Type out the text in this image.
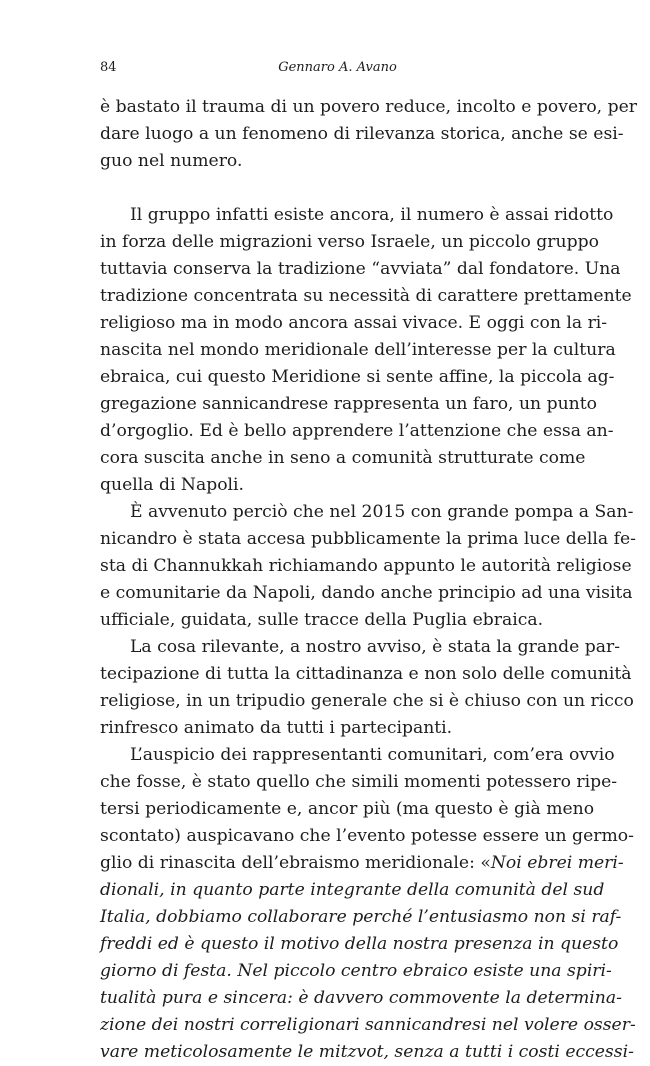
84	Gennaro A. Avano
è bastato il trauma di un povero reduce, incolto e povero, per
dare luogo a un fenomeno di rilevanza storica, anche se esi-
guo nel numero.
Il gruppo infatti esiste ancora, il numero è assai ridotto
in forza delle migrazioni verso Israele, un piccolo gruppo
tuttavia conserva la tradizione “avviata” dal fondatore. Una
tradizione concentrata su necessità di carattere prettamente
religioso ma in modo ancora assai vivace. E oggi con la ri-
nascita nel mondo meridionale dell’interesse per la cultura
ebraica, cui questo Meridione si sente affine, la piccola ag-
gregazione sannicandrese rappresenta un faro, un punto
d’orgoglio. Ed è bello apprendere l’attenzione che essa an-
cora suscita anche in seno a comunità strutturate come
quella di Napoli.
È avvenuto perciò che nel 2015 con grande pompa a San-
nicandro è stata accesa pubblicamente la prima luce della fe-
sta di Channukkah richiamando appunto le autorità religiose
e comunitarie da Napoli, dando anche principio ad una visita
ufficiale, guidata, sulle tracce della Puglia ebraica.
La cosa rilevante, a nostro avviso, è stata la grande par-
tecipazione di tutta la cittadinanza e non solo delle comunità
religiose, in un tripudio generale che si è chiuso con un ricco
rinfresco animato da tutti i partecipanti.
L’auspicio dei rappresentanti comunitari, com’era ovvio
che fosse, è stato quello che simili momenti potessero ripe-
tersi periodicamente e, ancor più (ma questo è già meno
scontato) auspicavano che l’evento potesse essere un germo-
glio di rinascita dell’ebraismo meridionale: «Noi ebrei meri-
dionali, in quanto parte integrante della comunità del sud
Italia, dobbiamo collaborare perché l’entusiasmo non si raf-
freddi ed è questo il motivo della nostra presenza in questo
giorno di festa. Nel piccolo centro ebraico esiste una spiri-
tualità pura e sincera: è davvero commovente la determina-
zione dei nostri correligionari sannicandresi nel volere osser-
vare meticolosamente le mitzvot, senza a tutti i costi eccessi-
